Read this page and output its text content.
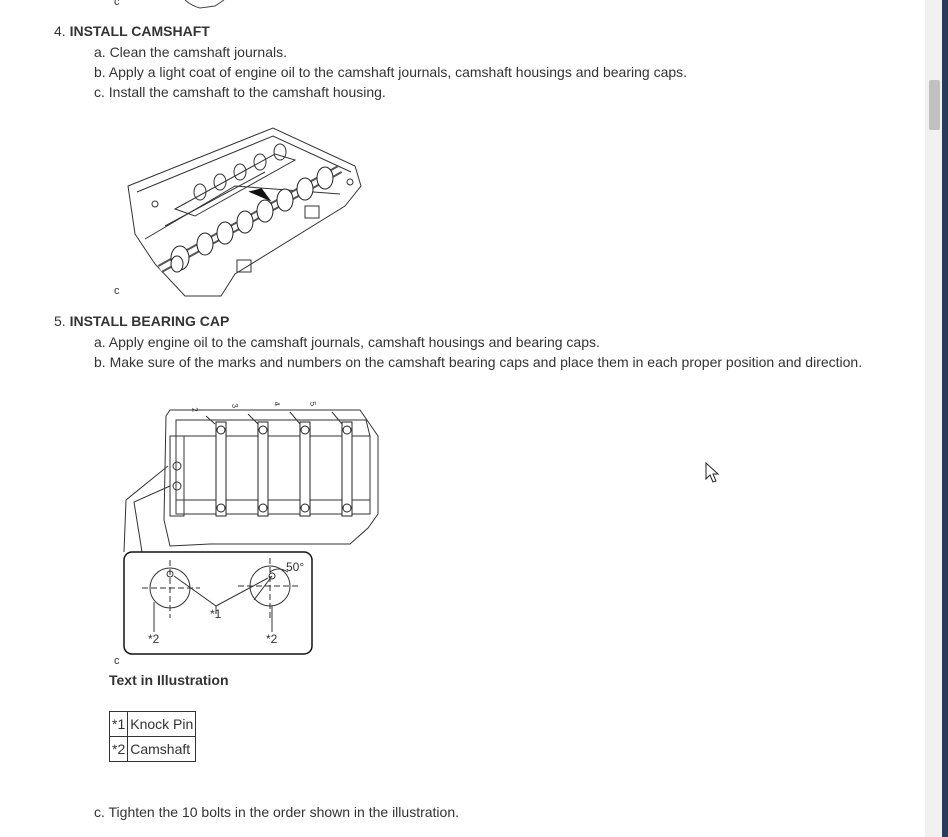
c
4. INSTALL CAMSHAFT
a. Clean the camshaft journals.
b. Apply a light coat of engine oil to the camshaft journals, camshaft housings and bearing caps.
c. Install the camshaft to the camshaft housing.
c
5. INSTALL BEARING CAP
a. Apply engine oil to the camshaft journals, camshaft housings and bearing caps.
b. Make sure of the marks and numbers on the camshaft bearing caps and place them in each proper position and direction.
50°
*1
*2	*2
2
3	4	5
c
Text in Illustration
*1	Knock Pin
*2	Camshaft
c. Tighten the 10 bolts in the order shown in the illustration.
